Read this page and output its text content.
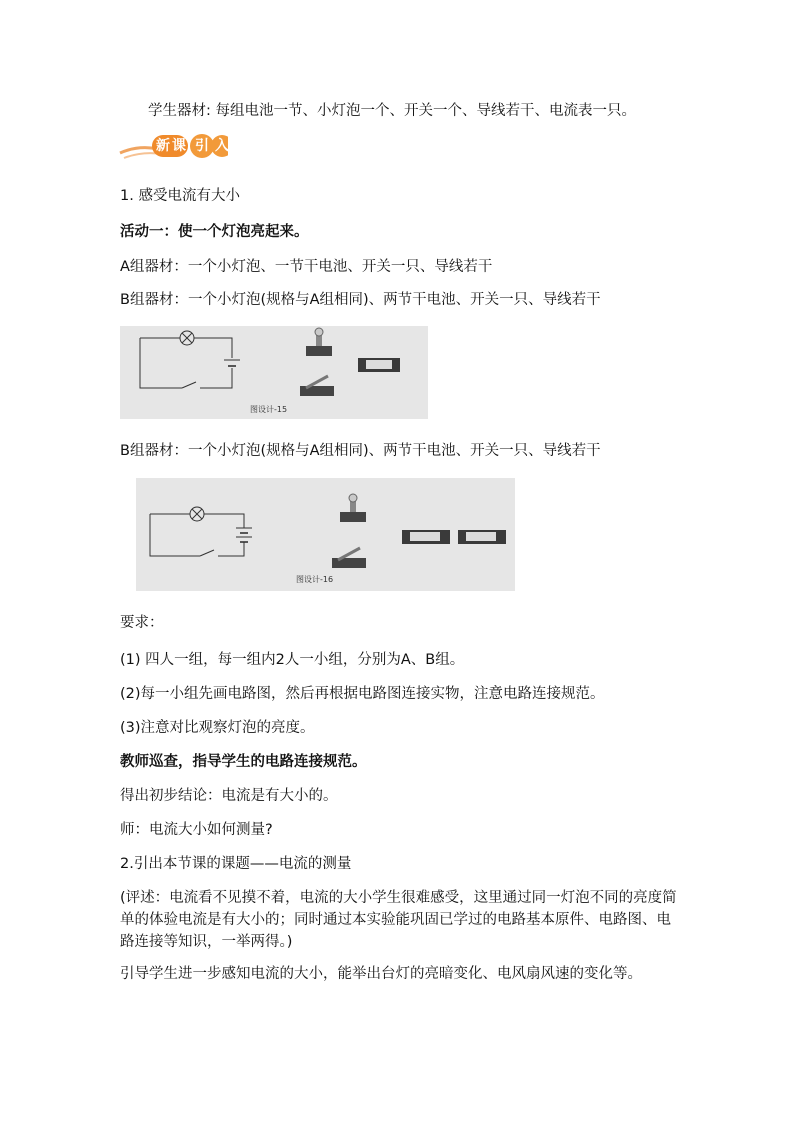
学生器材: 每组电池一节、小灯泡一个、开关一个、导线若干、电流表一只。
新 课 引 入
1. 感受电流有大小
活动一：使一个灯泡亮起来。
A组器材：一个小灯泡、一节干电池、开关一只、导线若干
B组器材：一个小灯泡(规格与A组相同)、两节干电池、开关一只、导线若干
图设计-15
B组器材：一个小灯泡(规格与A组相同)、两节干电池、开关一只、导线若干
图设计-16
要求：
(1) 四人一组，每一组内2人一小组，分别为A、B组。
(2)每一小组先画电路图，然后再根据电路图连接实物，注意电路连接规范。
(3)注意对比观察灯泡的亮度。
教师巡查，指导学生的电路连接规范。
得出初步结论：电流是有大小的。
师：电流大小如何测量?
2.引出本节课的课题——电流的测量
(评述：电流看不见摸不着，电流的大小学生很难感受，这里通过同一灯泡不同的亮度简单的体验电流是有大小的；同时通过本实验能巩固已学过的电路基本原件、电路图、电路连接等知识，一举两得。)
引导学生进一步感知电流的大小，能举出台灯的亮暗变化、电风扇风速的变化等。
